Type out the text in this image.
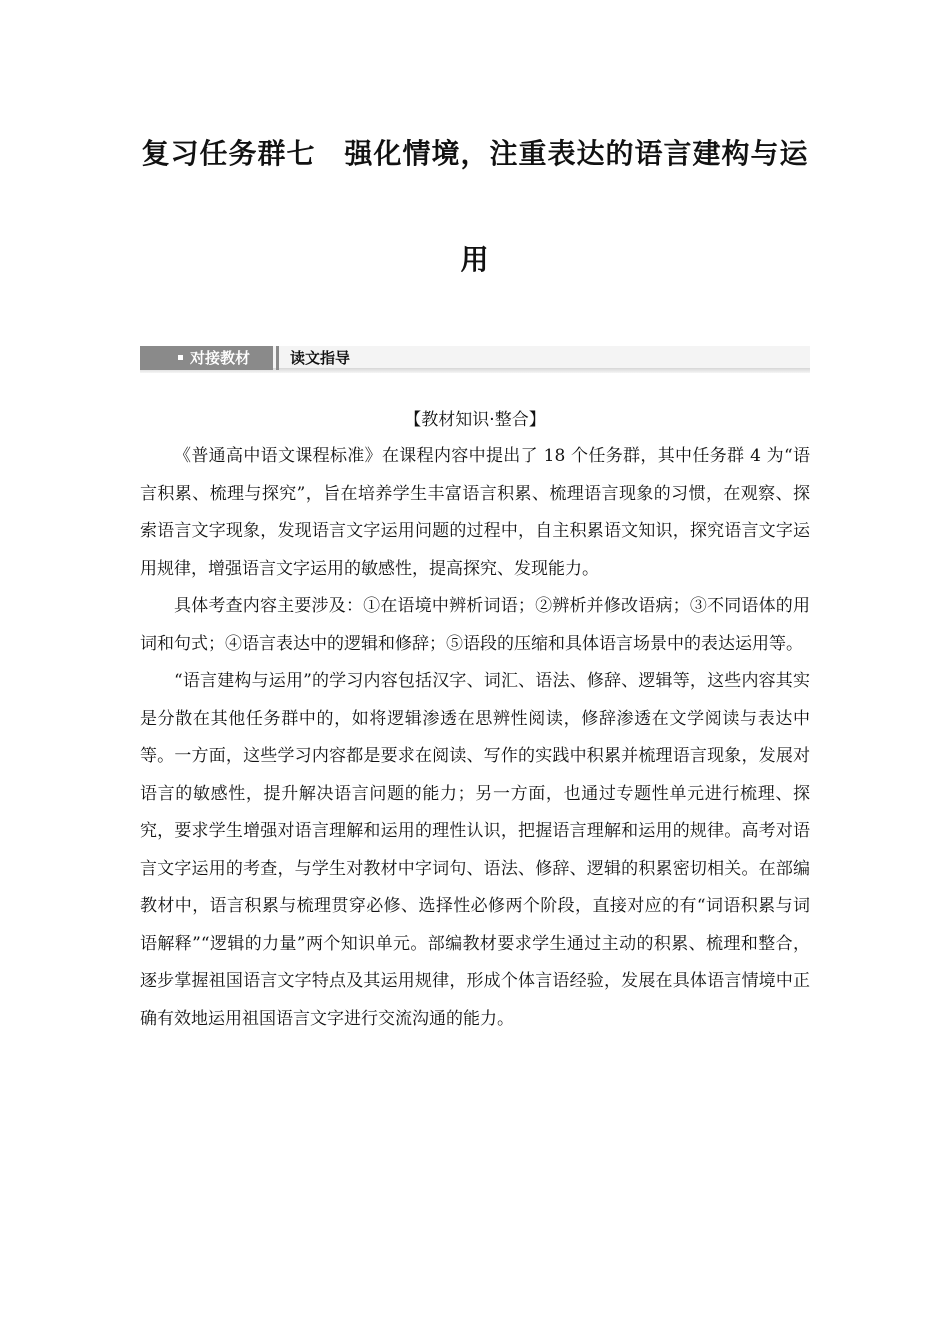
复习任务群七　强化情境，注重表达的语言建构与运
用
对接教材	读文指导
【教材知识·整合】

《普通高中语文课程标准》在课程内容中提出了 18 个任务群，其中任务群 4 为“语言积累、梳理与探究”，旨在培养学生丰富语言积累、梳理语言现象的习惯，在观察、探索语言文字现象，发现语言文字运用问题的过程中，自主积累语文知识，探究语言文字运用规律，增强语言文字运用的敏感性，提高探究、发现能力。

具体考查内容主要涉及：①在语境中辨析词语；②辨析并修改语病；③不同语体的用词和句式；④语言表达中的逻辑和修辞；⑤语段的压缩和具体语言场景中的表达运用等。

“语言建构与运用”的学习内容包括汉字、词汇、语法、修辞、逻辑等，这些内容其实是分散在其他任务群中的，如将逻辑渗透在思辨性阅读，修辞渗透在文学阅读与表达中等。一方面，这些学习内容都是要求在阅读、写作的实践中积累并梳理语言现象，发展对语言的敏感性，提升解决语言问题的能力；另一方面，也通过专题性单元进行梳理、探究，要求学生增强对语言理解和运用的理性认识，把握语言理解和运用的规律。高考对语言文字运用的考查，与学生对教材中字词句、语法、修辞、逻辑的积累密切相关。在部编教材中，语言积累与梳理贯穿必修、选择性必修两个阶段，直接对应的有“词语积累与词语解释”“逻辑的力量”两个知识单元。部编教材要求学生通过主动的积累、梳理和整合，逐步掌握祖国语言文字特点及其运用规律，形成个体言语经验，发展在具体语言情境中正确有效地运用祖国语言文字进行交流沟通的能力。
